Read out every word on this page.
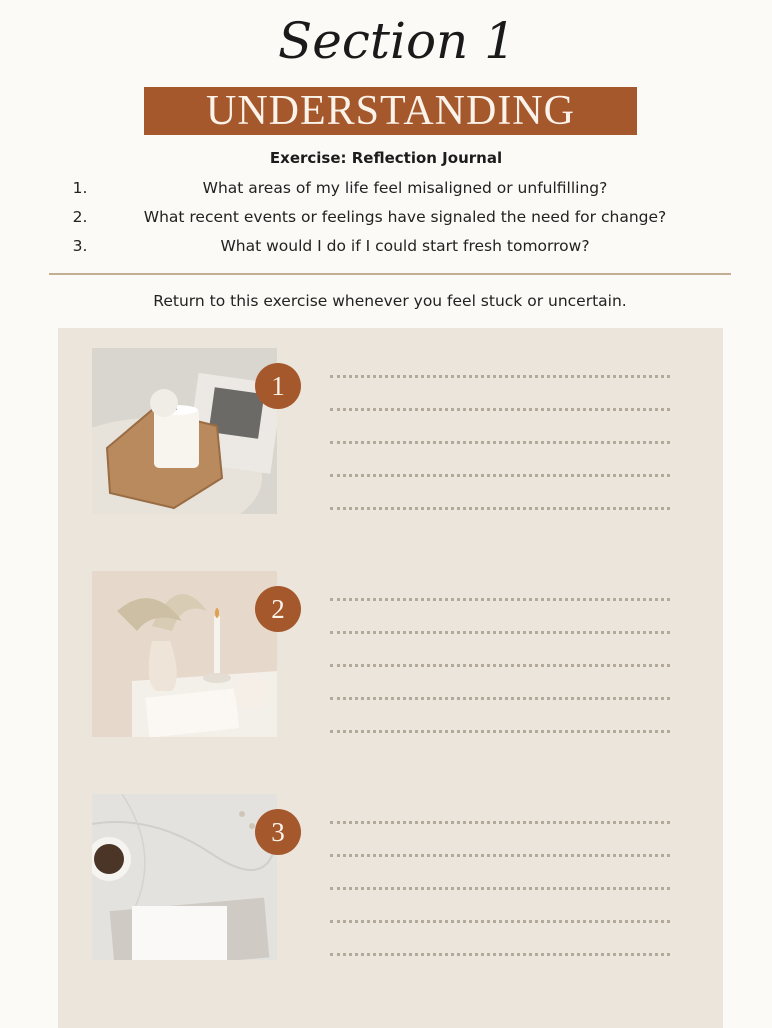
Section 1
UNDERSTANDING
Exercise: Reflection Journal
1.	What areas of my life feel misaligned or unfulfilling?
2.	What recent events or feelings have signaled the need for change?
3.	What would I do if I could start fresh tomorrow?
Return to this exercise whenever you feel stuck or uncertain.
1
2
3
